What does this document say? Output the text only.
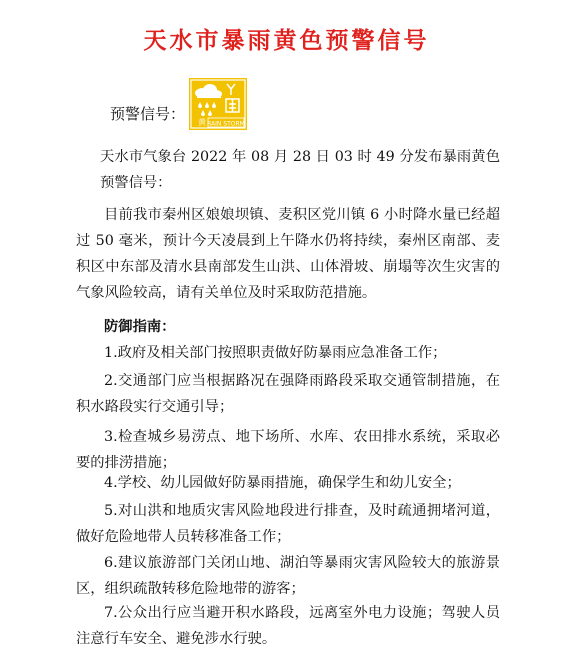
天水市暴雨黄色预警信号
预警信号： 黄 RAIN STORM

天水市气象台 2022 年 08 月 28 日 03 时 49 分发布暴雨黄色预警信号：

目前我市秦州区娘娘坝镇、麦积区党川镇 6 小时降水量已经超过 50 毫米，预计今天凌晨到上午降水仍将持续，秦州区南部、麦积区中东部及清水县南部发生山洪、山体滑坡、崩塌等次生灾害的气象风险较高，请有关单位及时采取防范措施。

防御指南：

1.政府及相关部门按照职责做好防暴雨应急准备工作；

2.交通部门应当根据路况在强降雨路段采取交通管制措施，在积水路段实行交通引导；

3.检查城乡易涝点、地下场所、水库、农田排水系统，采取必要的排涝措施；

4.学校、幼儿园做好防暴雨措施，确保学生和幼儿安全；

5.对山洪和地质灾害风险地段进行排查，及时疏通拥堵河道，做好危险地带人员转移准备工作；

6.建议旅游部门关闭山地、湖泊等暴雨灾害风险较大的旅游景区，组织疏散转移危险地带的游客；

7.公众出行应当避开积水路段，远离室外电力设施；驾驶人员注意行车安全、避免涉水行驶。
